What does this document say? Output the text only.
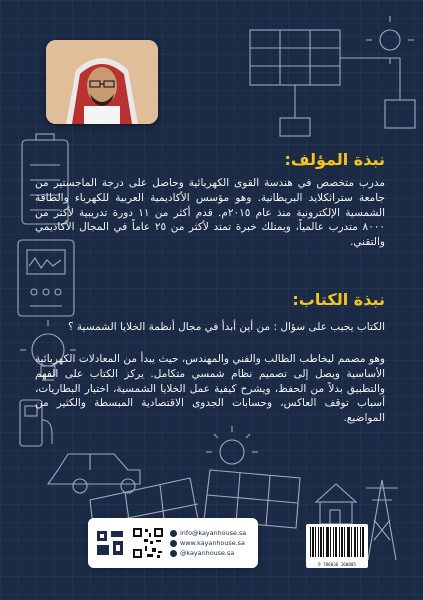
نبذة المؤلف:

مدرب متخصص في هندسة القوى الكهربائية وحاصل على درجة الماجستير من جامعة ستراثكلايد البريطانية. وهو مؤسس الأكاديمية العربية للكهرباء والطاقة الشمسية الإلكترونية منذ عام ٢٠١٥م. قدم أكثر من ١١ دورة تدريبية لأكثر من ٨٠٠٠ متدرب عالمياً، ويمتلك خبرة تمتد لأكثر من ٢٥ عاماً في المجال الأكاديمي والتقني.

نبذة الكتاب:

الكتاب يجيب على سؤال : من أين أبدأ في مجال أنظمة الخلايا الشمسية ؟

وهو مصمم ليخاطب الطالب والفني والمهندس، حيث يبدأ من المعادلات الكهربائية الأساسية ويصل إلى تصميم نظام شمسي متكامل. يركز الكتاب على الفهم والتطبيق بدلاً من الحفظ، ويشرح كيفية عمل الخلايا الشمسية، اختيار البطاريات، أسباب توقف العاكس، وحسابات الجدوى الاقتصادية المبسطة والكثير من المواضيع.

info@kayanhouse.sa
www.kayanhouse.sa
@kayanhouse.sa
9 786036 160005
